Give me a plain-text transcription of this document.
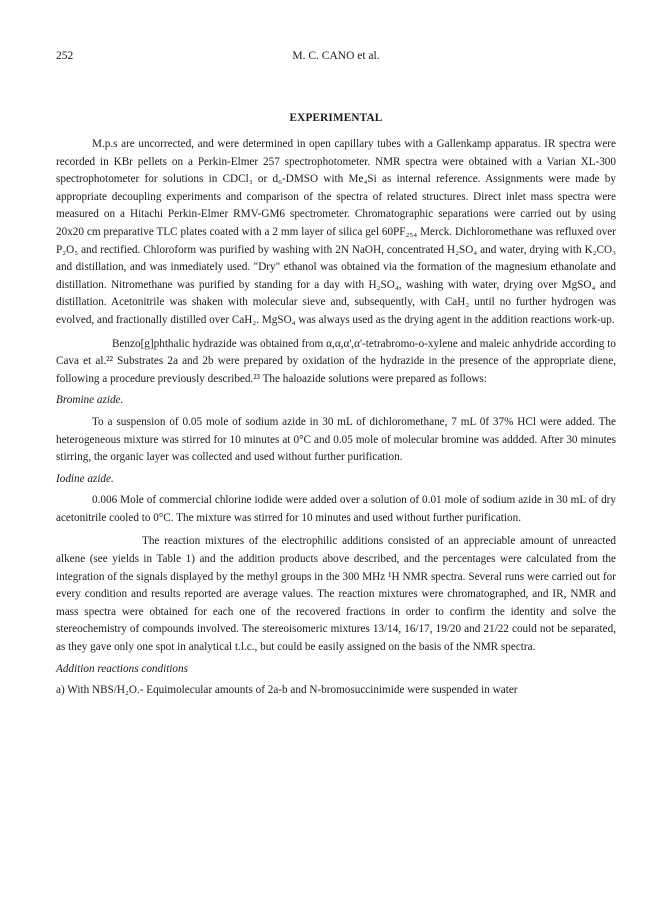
252	M. C. CANO et al.
EXPERIMENTAL

M.p.s are uncorrected, and were determined in open capillary tubes with a Gallenkamp apparatus. IR spectra were recorded in KBr pellets on a Perkin-Elmer 257 spectrophotometer. NMR spectra were obtained with a Varian XL-300 spectrophotometer for solutions in CDCl₃ or d₆-DMSO with Me₄Si as internal reference. Assignments were made by appropriate decoupling experiments and comparison of the spectra of related structures. Direct inlet mass spectra were measured on a Hitachi Perkin-Elmer RMV-GM6 spectrometer. Chromatographic separations were carried out by using 20x20 cm preparative TLC plates coated with a 2 mm layer of silica gel 60PF₂₅₄ Merck. Dichloromethane was refluxed over P₂O₅ and rectified. Chloroform was purified by washing with 2N NaOH, concentrated H₂SO₄ and water, drying with K₂CO₃ and distillation, and was inmediately used. "Dry" ethanol was obtained via the formation of the magnesium ethanolate and distillation. Nitromethane was purified by standing for a day with H₂SO₄, washing with water, drying over MgSO₄ and distillation. Acetonitrile was shaken with molecular sieve and, subsequently, with CaH₂ until no further hydrogen was evolved, and fractionally distilled over CaH₂. MgSO₄ was always used as the drying agent in the addition reactions work-up.

Benzo[g]phthalic hydrazide was obtained from α,α,α',α'-tetrabromo-o-xylene and maleic anhydride according to Cava et al.²² Substrates 2a and 2b were prepared by oxidation of the hydrazide in the presence of the appropriate diene, following a procedure previously described.²³ The haloazide solutions were prepared as follows:

Bromine azide.

To a suspension of 0.05 mole of sodium azide in 30 mL of dichloromethane, 7 mL 0f 37% HCl were added. The heterogeneous mixture was stirred for 10 minutes at 0°C and 0.05 mole of molecular bromine was addded. After 30 minutes stirring, the organic layer was collected and used without further purification.

Iodine azide.

0.006 Mole of commercial chlorine iodide were added over a solution of 0.01 mole of sodium azide in 30 mL of dry acetonitrile cooled to 0°C. The mixture was stirred for 10 minutes and used without further purification.

The reaction mixtures of the electrophilic additions consisted of an appreciable amount of unreacted alkene (see yields in Table 1) and the addition products above described, and the percentages were calculated from the integration of the signals displayed by the methyl groups in the 300 MHz ¹H NMR spectra. Several runs were carried out for every condition and results reported are average values. The reaction mixtures were chromatographed, and IR, NMR and mass spectra were obtained for each one of the recovered fractions in order to confirm the identity and solve the stereochemistry of compounds involved. The stereoisomeric mixtures 13/14, 16/17, 19/20 and 21/22 could not be separated, as they gave only one spot in analytical t.l.c., but could be easily assigned on the basis of the NMR spectra.

Addition reactions conditions

a) With NBS/H₂O.- Equimolecular amounts of 2a-b and N-bromosuccinimide were suspended in water
